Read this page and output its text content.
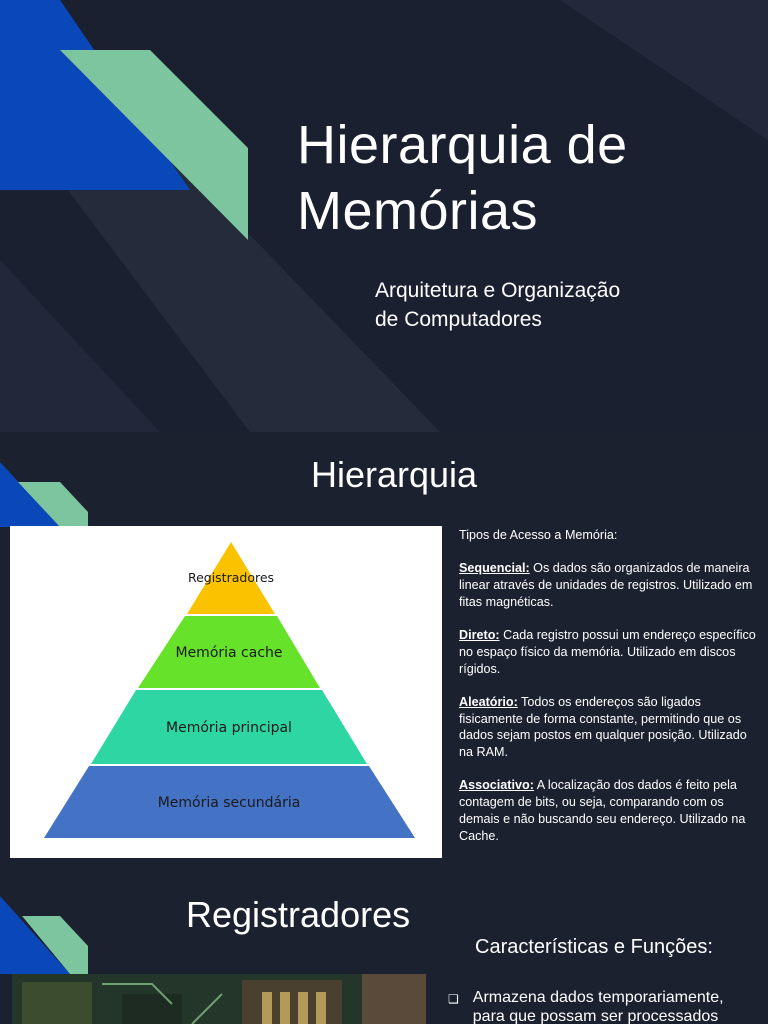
Hierarquia de
Memórias

Arquitetura e Organização
de Computadores

Hierarquia
Registradores
Memória cache
Memória principal
Memória secundária

Tipos de Acesso a Memória:

Sequencial: Os dados são organizados de maneira linear através de unidades de registros. Utilizado em fitas magnéticas.

Direto: Cada registro possui um endereço específico no espaço físico da memória. Utilizado em discos rígidos.

Aleatório: Todos os endereços são ligados fisicamente de forma constante, permitindo que os dados sejam postos em qualquer posição. Utilizado na RAM.

Associativo: A localização dos dados é feito pela contagem de bits, ou seja, comparando com os demais e não buscando seu endereço. Utilizado na Cache.

Registradores

Características e Funções:

❑ Armazena dados temporariamente, para que possam ser processados
